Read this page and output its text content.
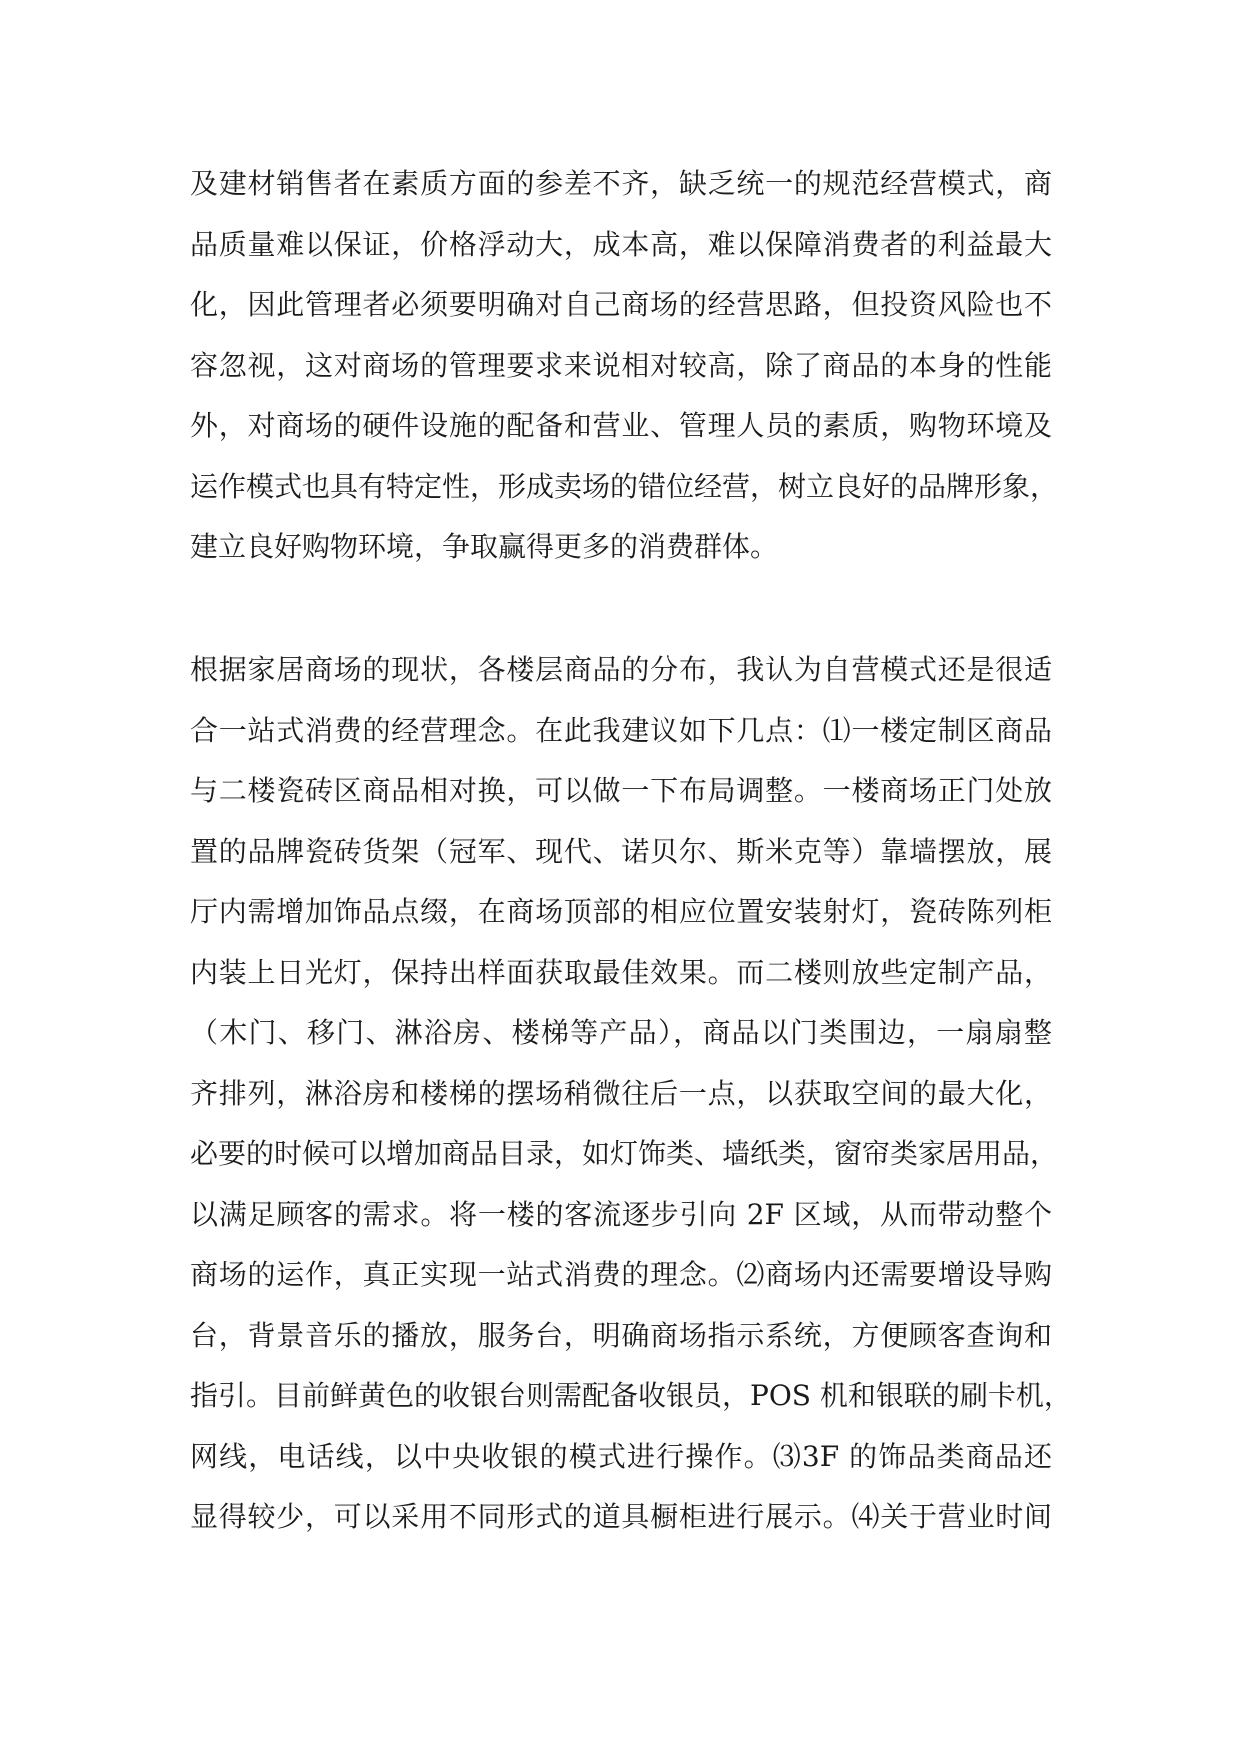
及建材销售者在素质方面的参差不齐，缺乏统一的规范经营模式，商
品质量难以保证，价格浮动大，成本高，难以保障消费者的利益最大
化，因此管理者必须要明确对自己商场的经营思路，但投资风险也不
容忽视，这对商场的管理要求来说相对较高，除了商品的本身的性能
外，对商场的硬件设施的配备和营业、管理人员的素质，购物环境及
运作模式也具有特定性，形成卖场的错位经营，树立良好的品牌形象，
建立良好购物环境，争取赢得更多的消费群体。
根据家居商场的现状，各楼层商品的分布，我认为自营模式还是很适
合一站式消费的经营理念。在此我建议如下几点：⑴一楼定制区商品
与二楼瓷砖区商品相对换，可以做一下布局调整。一楼商场正门处放
置的品牌瓷砖货架（冠军、现代、诺贝尔、斯米克等）靠墙摆放，展
厅内需增加饰品点缀，在商场顶部的相应位置安装射灯，瓷砖陈列柜
内装上日光灯，保持出样面获取最佳效果。而二楼则放些定制产品，
（木门、移门、淋浴房、楼梯等产品），商品以门类围边，一扇扇整
齐排列，淋浴房和楼梯的摆场稍微往后一点，以获取空间的最大化，
必要的时候可以增加商品目录，如灯饰类、墙纸类，窗帘类家居用品，
以满足顾客的需求。将一楼的客流逐步引向 2F 区域，从而带动整个
商场的运作，真正实现一站式消费的理念。⑵商场内还需要增设导购
台，背景音乐的播放，服务台，明确商场指示系统，方便顾客查询和
指引。目前鲜黄色的收银台则需配备收银员，POS 机和银联的刷卡机，
网线，电话线，以中央收银的模式进行操作。⑶3F 的饰品类商品还
显得较少，可以采用不同形式的道具橱柜进行展示。⑷关于营业时间
